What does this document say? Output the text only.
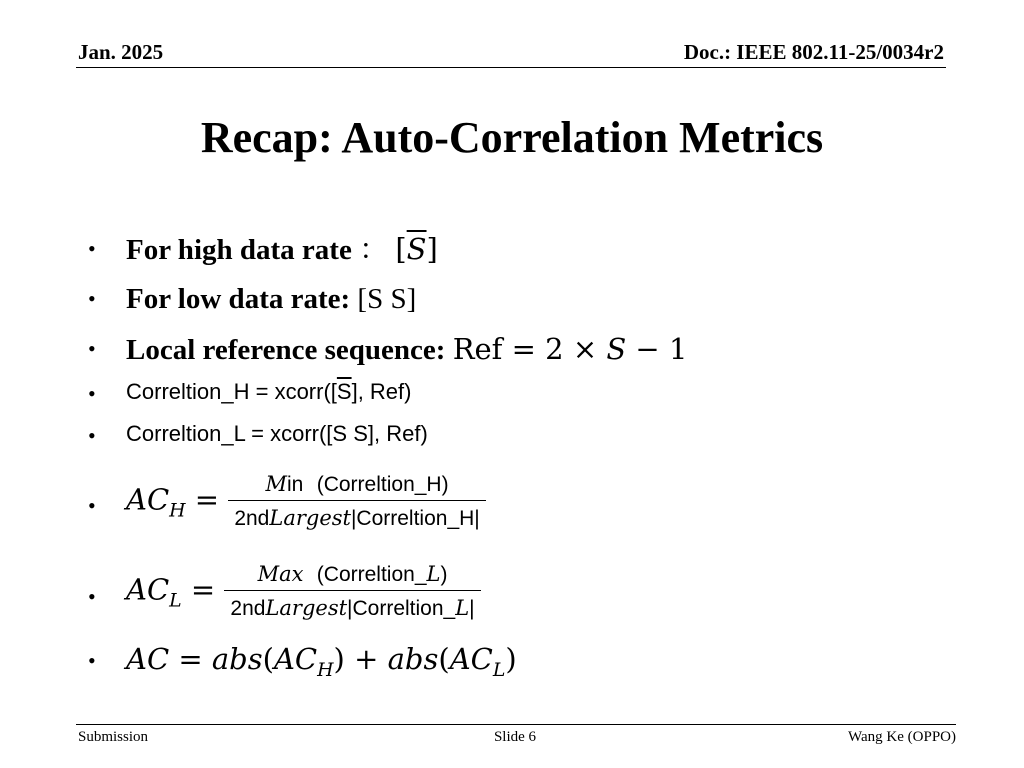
Jan. 2025	Doc.: IEEE 802.11-25/0034r2
Recap: Auto-Correlation Metrics
• For high data rate ： $[\overline{S}]$
• For low data rate: [S S]
• Local reference sequence: Ref = 2 × S − 1
• Correltion_H = $xcorr([\overline{S}]$, Ref)
• Correltion_L = xcorr([S S], Ref)
• $AC_H = \frac{\text{Min (Correltion\_H)}}{\text{2ndLargest|Correltion\_H|}}$
• $AC_L = \frac{\text{Max (Correltion\_L)}}{\text{2ndLargest|Correltion\_L|}}$
• AC = $abs(AC_H) + abs(AC_L)$
Submission	Slide 6	Wang Ke (OPPO)
